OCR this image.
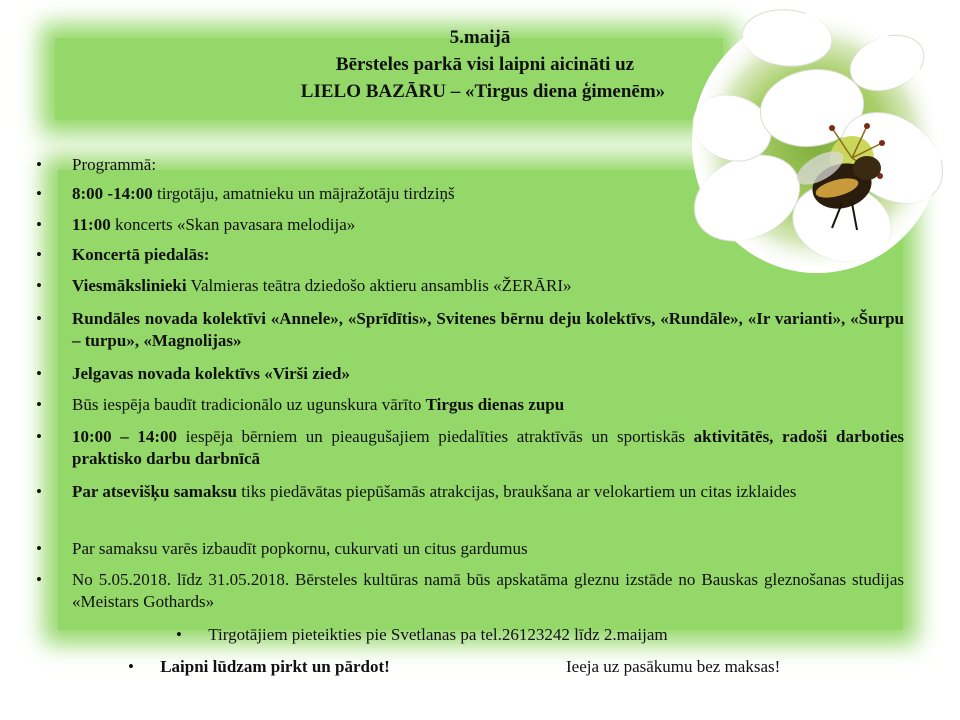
5.maijā
Bērsteles parkā visi laipni aicināti uz
LIELO BAZĀRU – «Tirgus diena ģimenēm»
• Programmā:
• 8:00 -14:00 tirgotāju, amatnieku un mājražotāju tirdziņš
• 11:00 koncerts «Skan pavasara melodija»
• Koncertā piedalās:
• Viesmākslinieki Valmieras teātra dziedošo aktieru ansamblis «ŽERĀRI»
• Rundāles novada kolektīvi «Annele», «Sprīdītis», Svitenes bērnu deju kolektīvs, «Rundāle», «Ir varianti», «Šurpu – turpu», «Magnolijas»
• Jelgavas novada kolektīvs «Virši zied»
• Būs iespēja baudīt tradicionālo uz ugunskura vārīto Tirgus dienas zupu
• 10:00 – 14:00 iespēja bērniem un pieaugušajiem piedalīties atraktīvās un sportiskās aktivitātēs, radoši darboties praktisko darbu darbnīcā
• Par atsevišķu samaksu tiks piedāvātas piepūšamās atrakcijas, braukšana ar velokartiem un citas izklaides
• Par samaksu varēs izbaudīt popkornu, cukurvati un citus gardumus
• No 5.05.2018. līdz 31.05.2018. Bērsteles kultūras namā būs apskatāma gleznu izstāde no Bauskas gleznošanas studijas «Meistars Gothards»
• Tirgotājiem pieteikties pie Svetlanas pa tel.26123242 līdz 2.maijam
• Laipni lūdzam pirkt un pārdot!	Ieeja uz pasākumu bez maksas!
